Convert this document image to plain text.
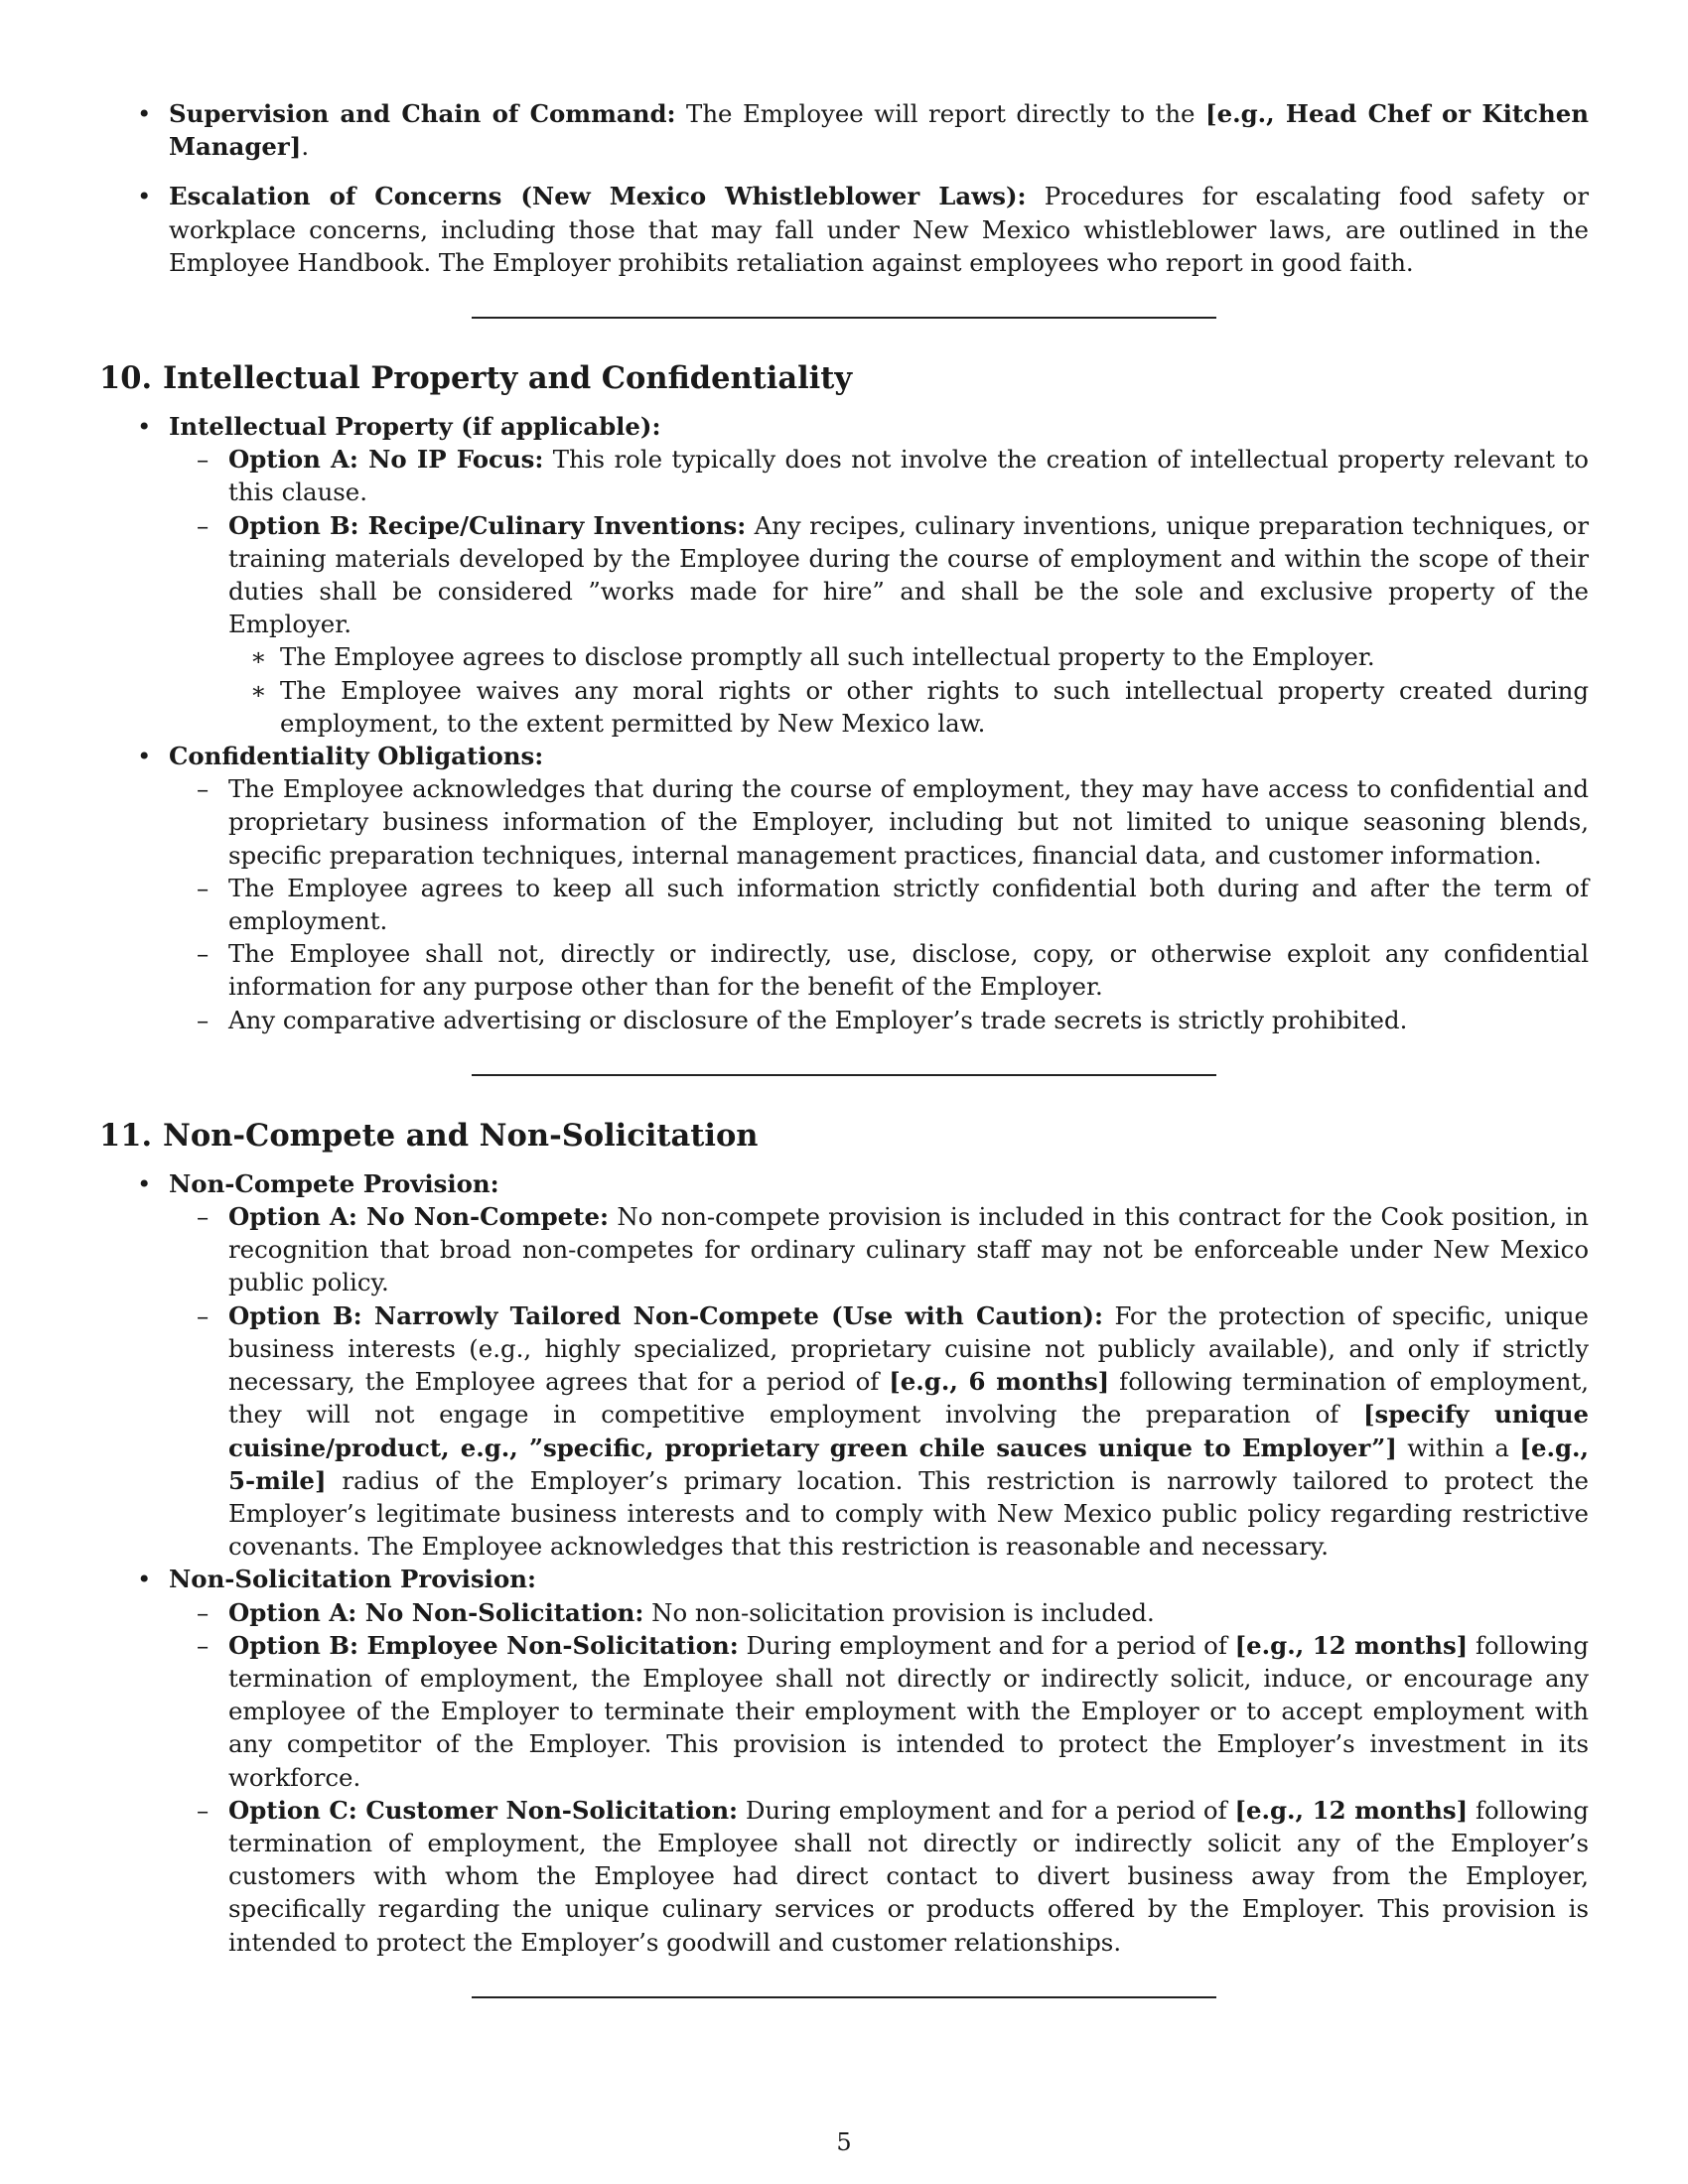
• Supervision and Chain of Command: The Employee will report directly to the [e.g., Head Chef or Kitchen Manager].
• Escalation of Concerns (New Mexico Whistleblower Laws): Procedures for escalating food safety or workplace concerns, including those that may fall under New Mexico whistleblower laws, are outlined in the Employee Handbook. The Employer prohibits retaliation against employees who report in good faith.
10. Intellectual Property and Confidentiality
• Intellectual Property (if applicable):
– Option A: No IP Focus: This role typically does not involve the creation of intellectual property relevant to this clause.
– Option B: Recipe/Culinary Inventions: Any recipes, culinary inventions, unique preparation techniques, or training materials developed by the Employee during the course of employment and within the scope of their duties shall be considered ”works made for hire” and shall be the sole and exclusive property of the Employer.
∗ The Employee agrees to disclose promptly all such intellectual property to the Employer.
∗ The Employee waives any moral rights or other rights to such intellectual property created during employment, to the extent permitted by New Mexico law.
• Confidentiality Obligations:
– The Employee acknowledges that during the course of employment, they may have access to confidential and proprietary business information of the Employer, including but not limited to unique seasoning blends, specific preparation techniques, internal management practices, financial data, and customer information.
– The Employee agrees to keep all such information strictly confidential both during and after the term of employment.
– The Employee shall not, directly or indirectly, use, disclose, copy, or otherwise exploit any confidential information for any purpose other than for the benefit of the Employer.
– Any comparative advertising or disclosure of the Employer’s trade secrets is strictly prohibited.
11. Non-Compete and Non-Solicitation
• Non-Compete Provision:
– Option A: No Non-Compete: No non-compete provision is included in this contract for the Cook position, in recognition that broad non-competes for ordinary culinary staff may not be enforceable under New Mexico public policy.
– Option B: Narrowly Tailored Non-Compete (Use with Caution): For the protection of specific, unique business interests (e.g., highly specialized, proprietary cuisine not publicly available), and only if strictly necessary, the Employee agrees that for a period of [e.g., 6 months] following termination of employment, they will not engage in competitive employment involving the preparation of [specify unique cuisine/product, e.g., ”specific, proprietary green chile sauces unique to Employer”] within a [e.g., 5-mile] radius of the Employer’s primary location. This restriction is narrowly tailored to protect the Employer’s legitimate business interests and to comply with New Mexico public policy regarding restrictive covenants. The Employee acknowledges that this restriction is reasonable and necessary.
• Non-Solicitation Provision:
– Option A: No Non-Solicitation: No non-solicitation provision is included.
– Option B: Employee Non-Solicitation: During employment and for a period of [e.g., 12 months] following termination of employment, the Employee shall not directly or indirectly solicit, induce, or encourage any employee of the Employer to terminate their employment with the Employer or to accept employment with any competitor of the Employer. This provision is intended to protect the Employer’s investment in its workforce.
– Option C: Customer Non-Solicitation: During employment and for a period of [e.g., 12 months] following termination of employment, the Employee shall not directly or indirectly solicit any of the Employer’s customers with whom the Employee had direct contact to divert business away from the Employer, specifically regarding the unique culinary services or products offered by the Employer. This provision is intended to protect the Employer’s goodwill and customer relationships.
5
